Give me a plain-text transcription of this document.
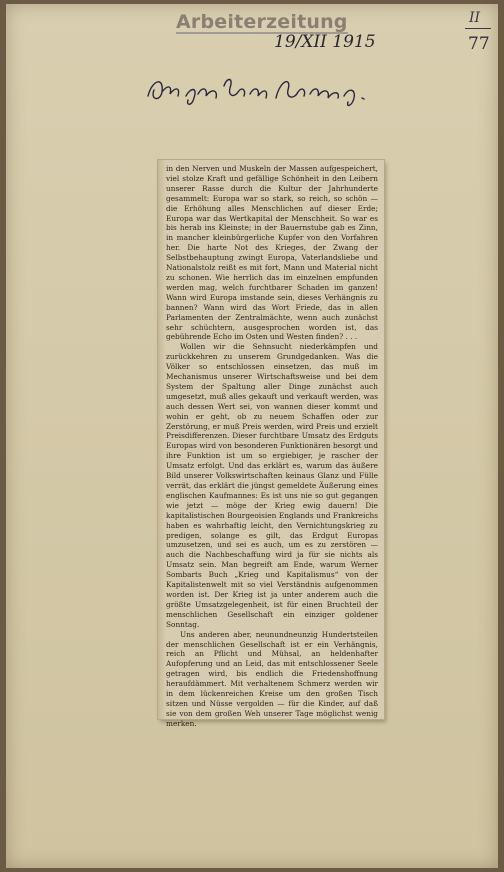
Arbeiterzeitung	II
77
19/XII 1915

in den Nerven und Muskeln der Massen aufgespeichert, viel stolze Kraft und gefällige Schönheit in den Leibern unserer Rasse durch die Kultur der Jahrhunderte gesammelt: Europa war so stark, so reich, so schön — die Erhöhung alles Menschlichen auf dieser Erde; Europa war das Wertkapital der Menschheit. So war es bis herab ins Kleinste; in der Bauernstube gab es Zinn, in mancher kleinbürgerliche Kupfer von den Vorfahren her. Die harte Not des Krieges, der Zwang der Selbstbehauptung zwingt Europa, Vaterlandsliebe und Nationalstolz reißt es mit fort, Mann und Material nicht zu schonen. Wie herrlich das im einzelnen empfunden werden mag, welch furchtbarer Schaden im ganzen! Wann wird Europa imstande sein, dieses Verhängnis zu bannen? Wann wird das Wort Friede, das in allen Parlamenten der Zentralmächte, wenn auch zunächst sehr schüchtern, ausgesprochen worden ist, das gebührende Echo im Osten und Westen finden? . . .

Wollen wir die Sehnsucht niederkämpfen und zurückkehren zu unserem Grundgedanken. Was die Völker so entschlossen einsetzen, das muß im Mechanismus unserer Wirtschaftsweise und bei dem System der Spaltung aller Dinge zunächst auch umgesetzt, muß alles gekauft und verkauft werden, was auch dessen Wert sei, von wannen dieser kommt und wohin er geht, ob zu neuem Schaffen oder zur Zerstörung, er muß Preis werden, wird Preis und erzielt Preisdifferenzen. Dieser furchtbare Umsatz des Erdguts Europas wird von besonderen Funktionären besorgt und ihre Funktion ist um so ergiebiger, je rascher der Umsatz erfolgt. Und das erklärt es, warum das äußere Bild unserer Volkswirtschaften keinaus Glanz und Fülle verrät, das erklärt die jüngst gemeldete Äußerung eines englischen Kaufmannes: Es ist uns nie so gut gegangen wie jetzt — möge der Krieg ewig dauern! Die kapitalistischen Bourgeoisien Englands und Frankreichs haben es wahrhaftig leicht, den Vernichtungskrieg zu predigen, solange es gilt, das Erdgut Europas umzusetzen, und sei es auch, um es zu zerstören — auch die Nachbeschaffung wird ja für sie nichts als Umsatz sein. Man begreift am Ende, warum Werner Sombarts Buch „Krieg und Kapitalismus“ von der Kapitalistenwelt mit so viel Verständnis aufgenommen worden ist. Der Krieg ist ja unter anderem auch die größte Umsatzgelegenheit, ist für einen Bruchteil der menschlichen Gesellschaft ein einziger goldener Sonntag.

Uns anderen aber, neunundneunzig Hundertsteilen der menschlichen Gesellschaft ist er ein Verhängnis, reich an Pflicht und Mühsal, an heldenhafter Aufopferung und an Leid, das mit entschlossener Seele getragen wird, bis endlich die Friedenshoffnung heraufdämmert. Mit verhaltenem Schmerz werden wir in dem lückenreichen Kreise um den großen Tisch sitzen und Nüsse vergolden — für die Kinder, auf daß sie von dem großen Weh unserer Tage möglichst wenig merken.
